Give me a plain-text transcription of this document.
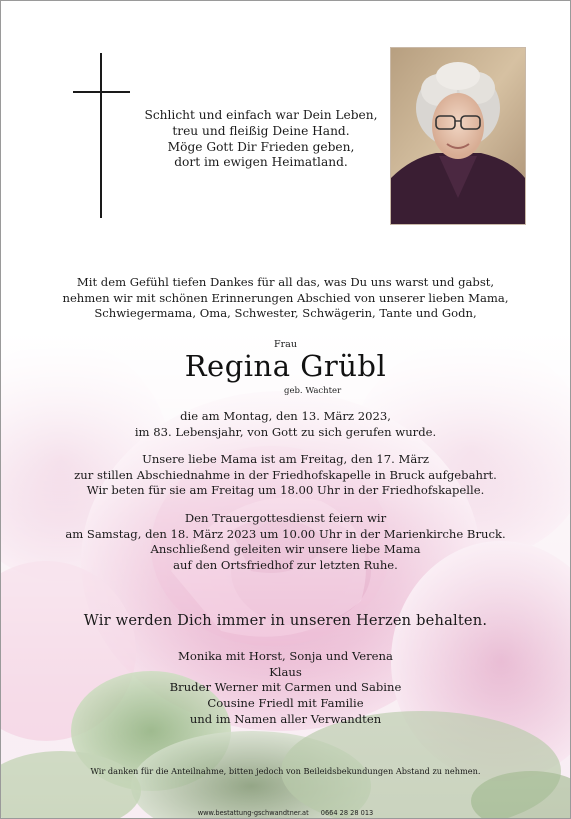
Schlicht und einfach war Dein Leben,
treu und fleißig Deine Hand.
Möge Gott Dir Frieden geben,
dort im ewigen Heimatland.
Mit dem Gefühl tiefen Dankes für all das, was Du uns warst und gabst,
nehmen wir mit schönen Erinnerungen Abschied von unserer lieben Mama,
Schwiegermama, Oma, Schwester, Schwägerin, Tante und Godn,
Frau
Regina Grübl
geb. Wachter
die am Montag, den 13. März 2023,
im 83. Lebensjahr, von Gott zu sich gerufen wurde.
Unsere liebe Mama ist am Freitag, den 17. März
zur stillen Abschiednahme in der Friedhofskapelle in Bruck aufgebahrt.
Wir beten für sie am Freitag um 18.00 Uhr in der Friedhofskapelle.
Den Trauergottesdienst feiern wir
am Samstag, den 18. März 2023 um 10.00 Uhr in der Marienkirche Bruck.
Anschließend geleiten wir unsere liebe Mama
auf den Ortsfriedhof zur letzten Ruhe.
Wir werden Dich immer in unseren Herzen behalten.
Monika mit Horst, Sonja und Verena
Klaus
Bruder Werner mit Carmen und Sabine
Cousine Friedl mit Familie
und im Namen aller Verwandten
Wir danken für die Anteilnahme, bitten jedoch von Beileidsbekundungen Abstand zu nehmen.
www.bestattung-gschwandtner.at 0664 28 28 013
